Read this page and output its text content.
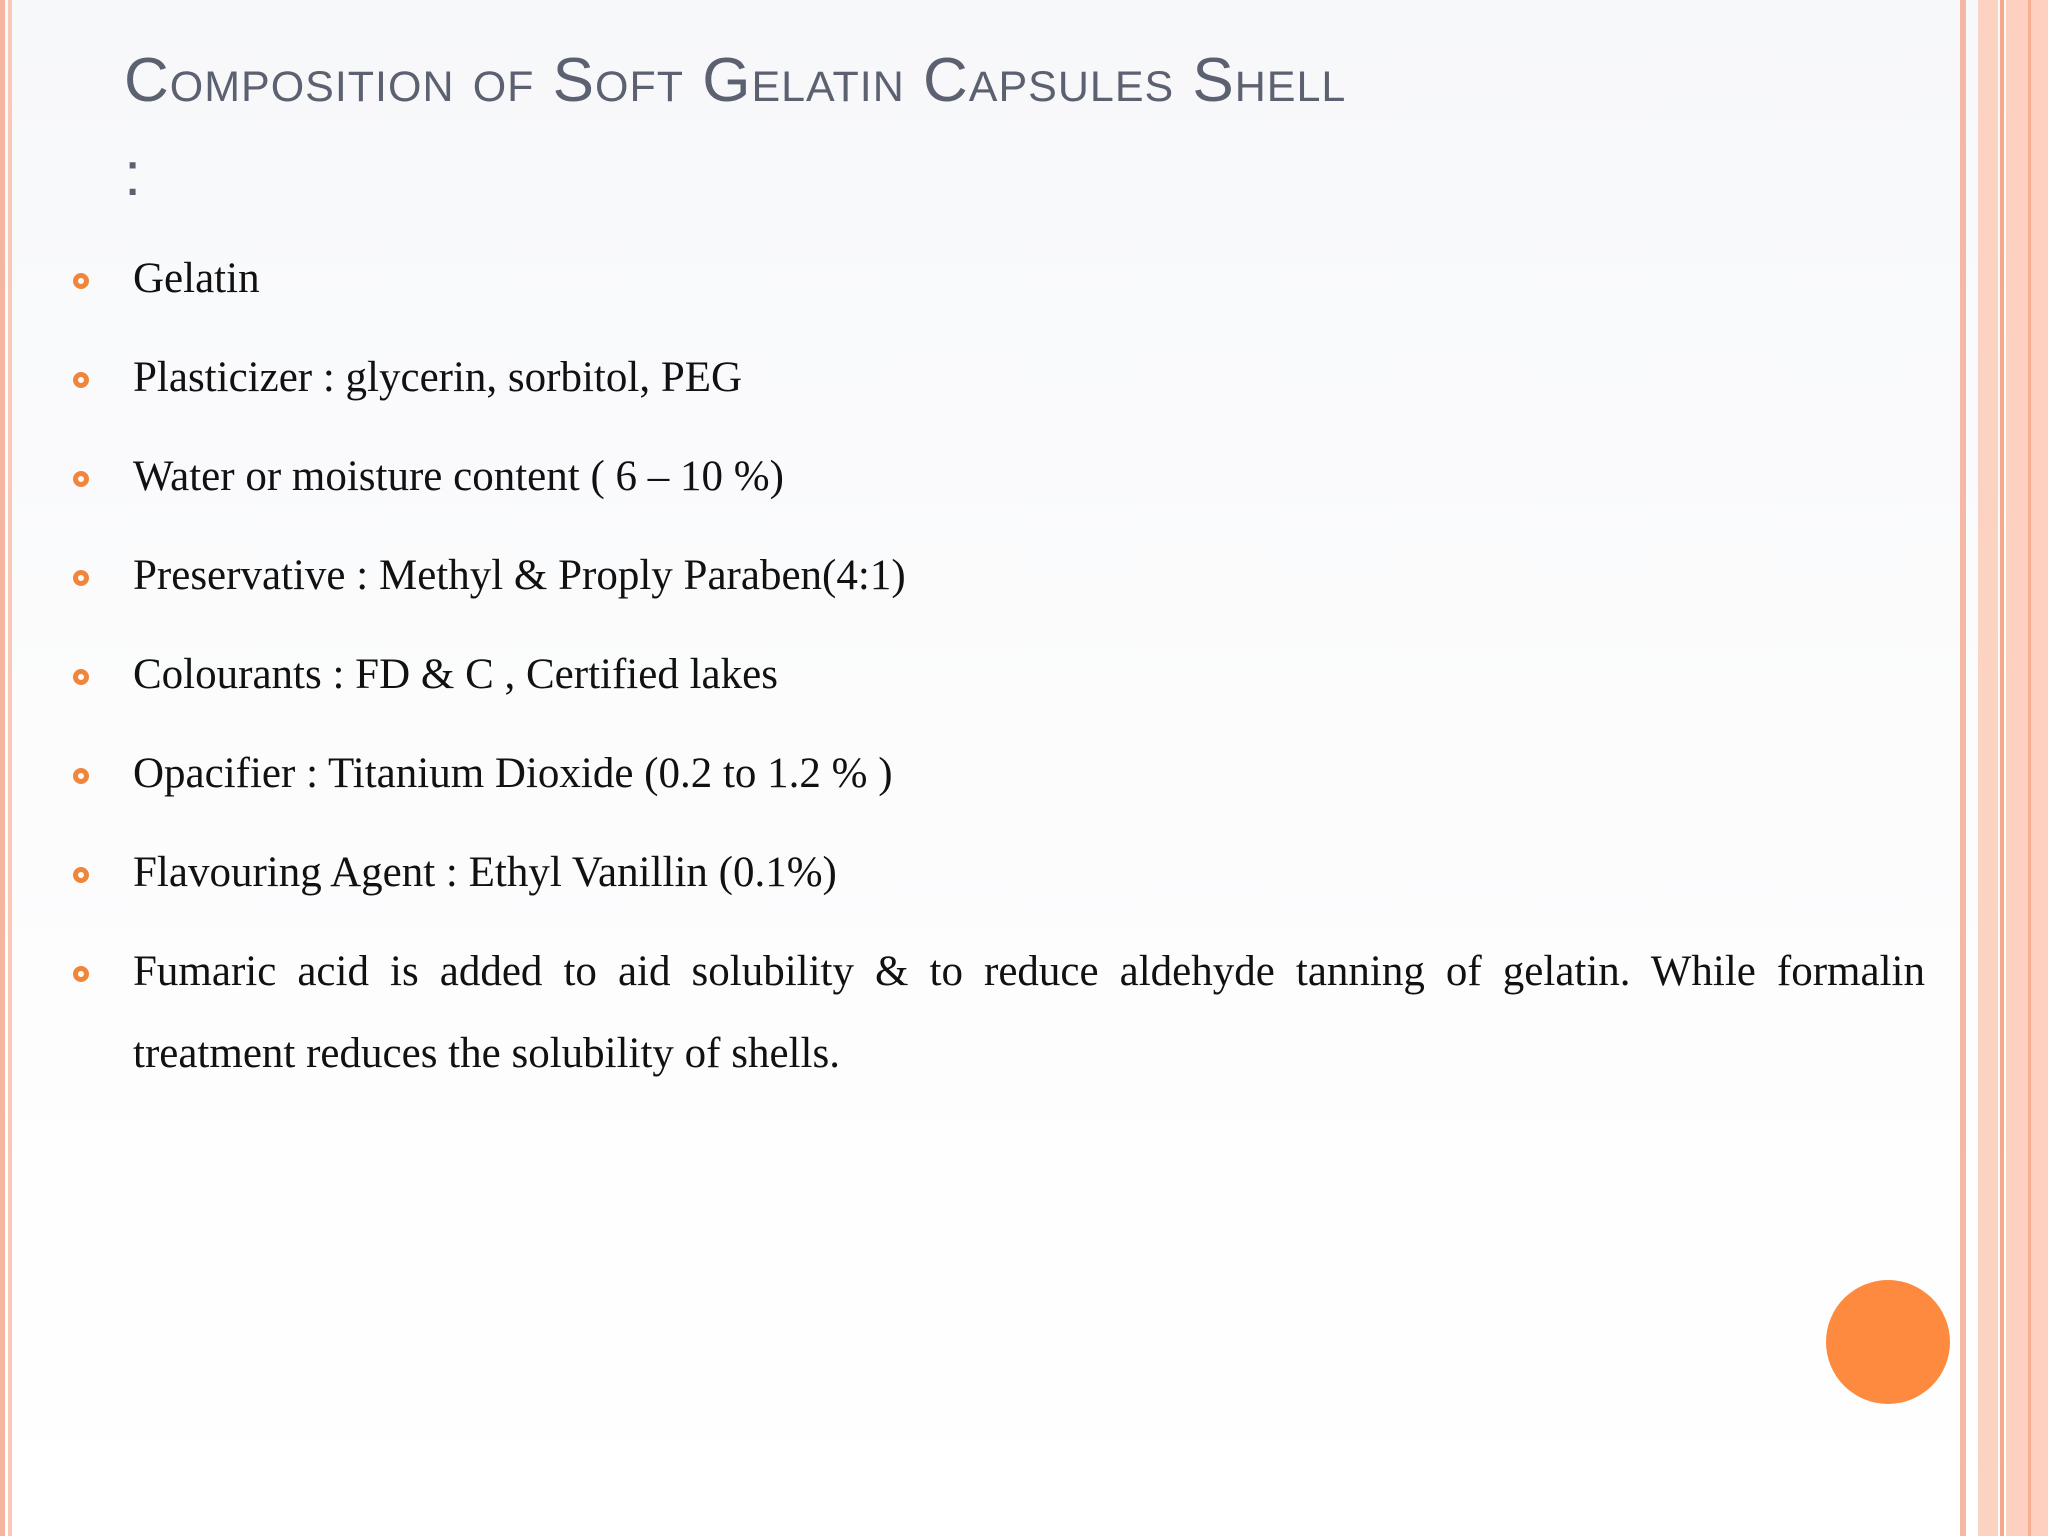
Composition of Soft Gelatin Capsules Shell
:
Gelatin
Plasticizer : glycerin, sorbitol, PEG
Water or moisture content ( 6 – 10 %)
Preservative : Methyl & Proply Paraben(4:1)
Colourants : FD & C , Certified lakes
Opacifier : Titanium Dioxide (0.2 to 1.2 % )
Flavouring Agent : Ethyl Vanillin (0.1%)
Fumaric acid is added to aid solubility & to reduce aldehyde tanning of gelatin. While formalin treatment reduces the solubility of shells.
